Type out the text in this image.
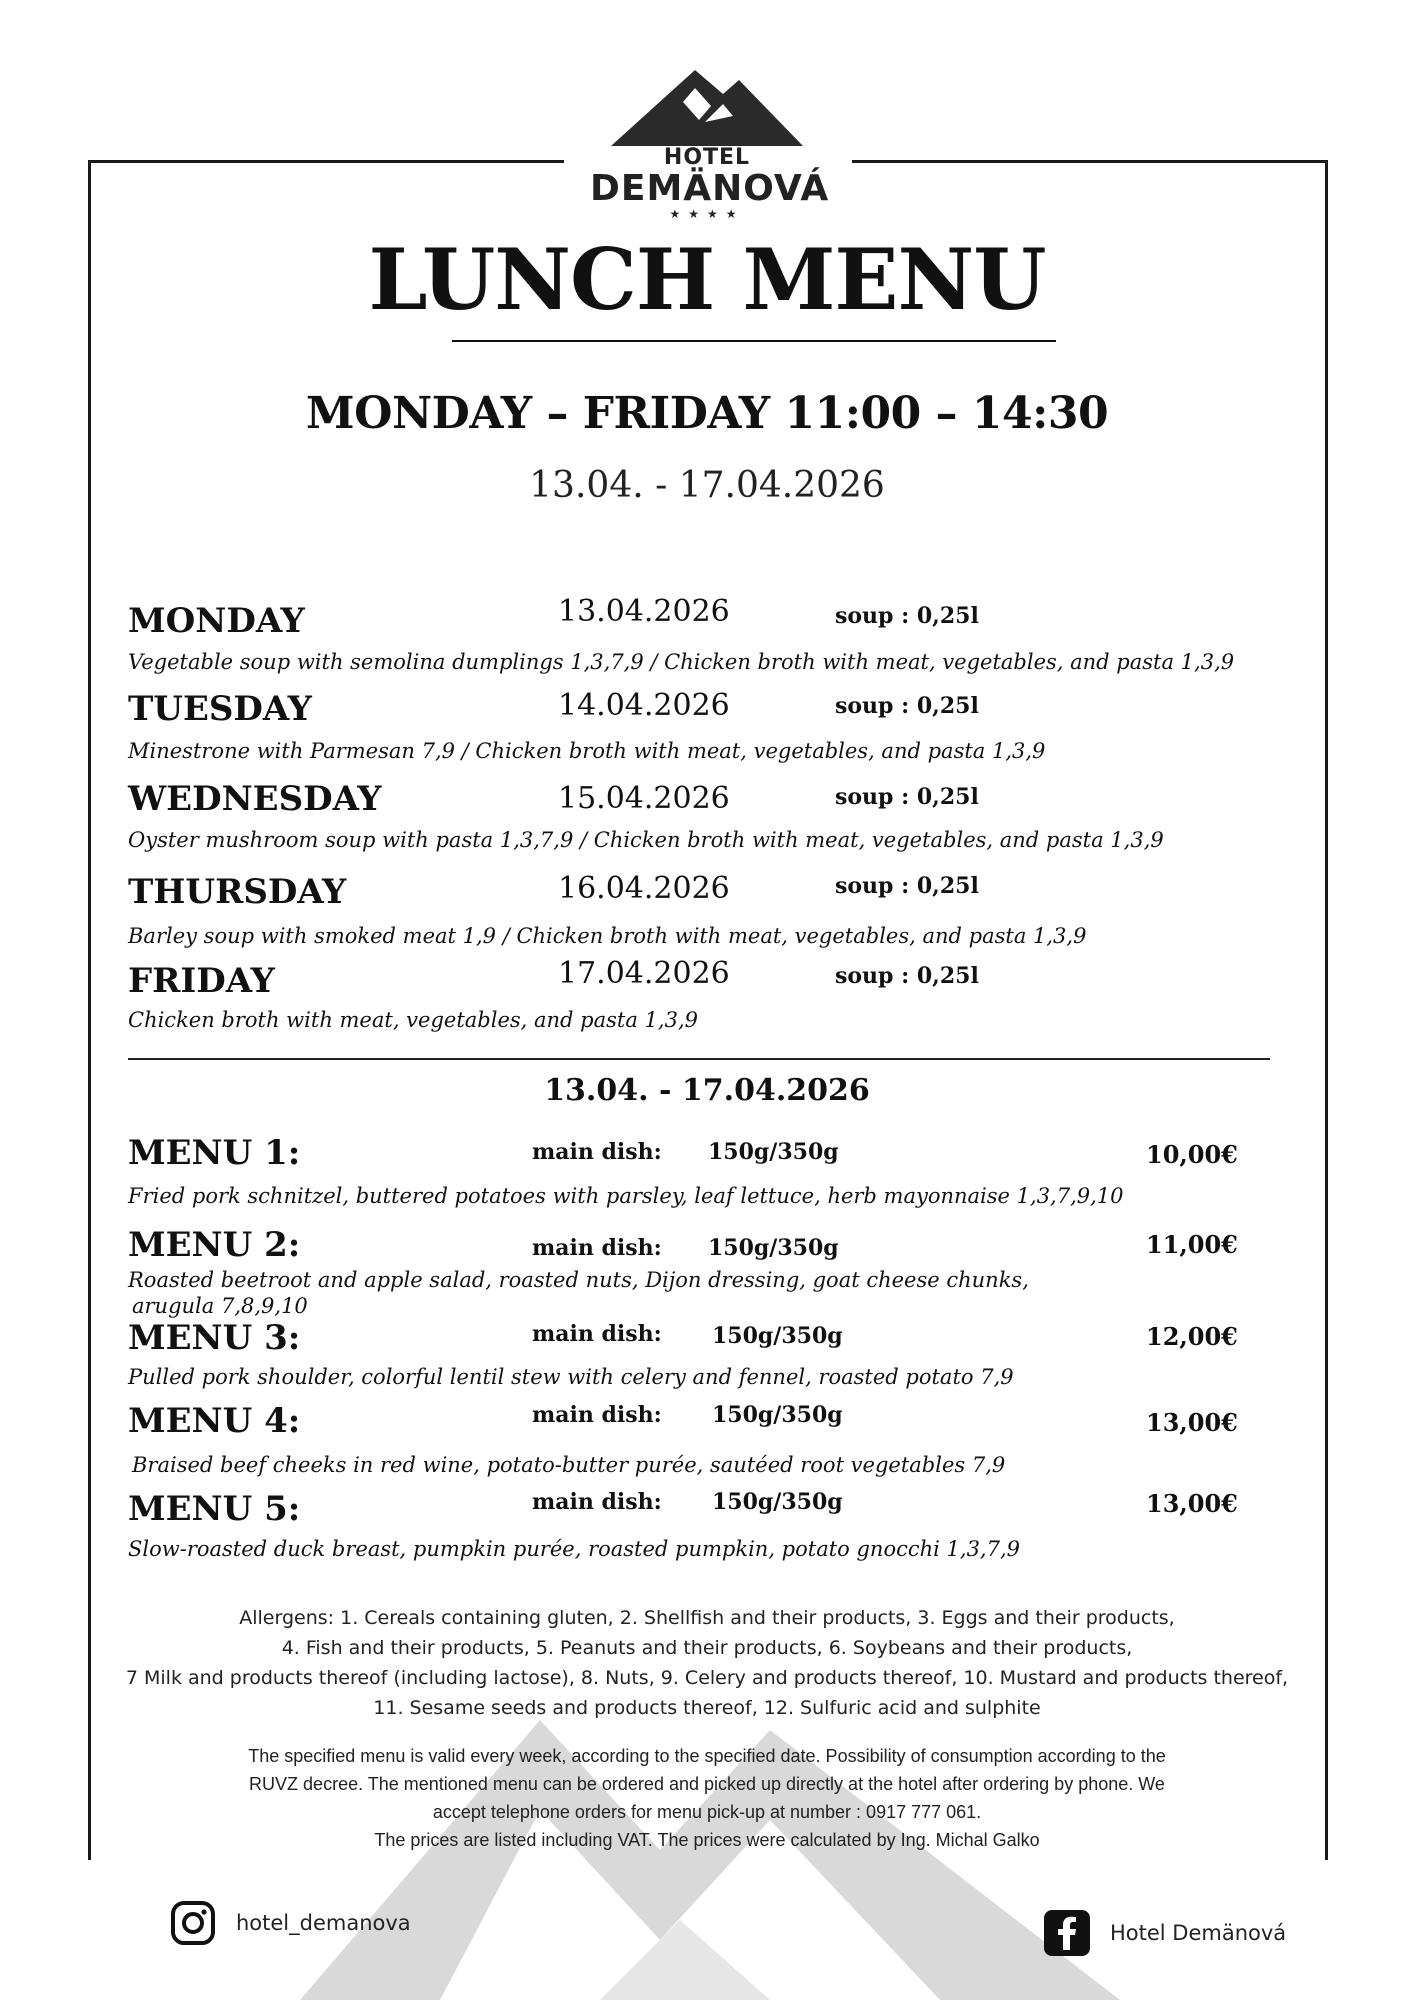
HOTEL
DEMÄNOVÁ
★★★★
LUNCH MENU
MONDAY – FRIDAY 11:00 – 14:30
13.04. - 17.04.2026
MONDAY	13.04.2026	soup : 0,25l
Vegetable soup with semolina dumplings 1,3,7,9 / Chicken broth with meat, vegetables, and pasta 1,3,9
TUESDAY	14.04.2026	soup : 0,25l
Minestrone with Parmesan 7,9 / Chicken broth with meat, vegetables, and pasta 1,3,9
WEDNESDAY	15.04.2026	soup : 0,25l
Oyster mushroom soup with pasta 1,3,7,9 / Chicken broth with meat, vegetables, and pasta 1,3,9
THURSDAY	16.04.2026	soup : 0,25l
Barley soup with smoked meat 1,9 / Chicken broth with meat, vegetables, and pasta 1,3,9
FRIDAY	17.04.2026	soup : 0,25l
Chicken broth with meat, vegetables, and pasta 1,3,9
13.04. - 17.04.2026
MENU 1:	main dish: 150g/350g	10,00€
Fried pork schnitzel, buttered potatoes with parsley, leaf lettuce, herb mayonnaise 1,3,7,9,10
MENU 2:	main dish: 150g/350g	11,00€
Roasted beetroot and apple salad, roasted nuts, Dijon dressing, goat cheese chunks,
arugula 7,8,9,10
MENU 3:	main dish: 150g/350g	12,00€
Pulled pork shoulder, colorful lentil stew with celery and fennel, roasted potato 7,9
MENU 4:	main dish: 150g/350g	13,00€
Braised beef cheeks in red wine, potato-butter purée, sautéed root vegetables 7,9
MENU 5:	main dish: 150g/350g	13,00€
Slow-roasted duck breast, pumpkin purée, roasted pumpkin, potato gnocchi 1,3,7,9
Allergens: 1. Cereals containing gluten, 2. Shellfish and their products, 3. Eggs and their products,
4. Fish and their products, 5. Peanuts and their products, 6. Soybeans and their products,
7 Milk and products thereof (including lactose), 8. Nuts, 9. Celery and products thereof, 10. Mustard and products thereof,
11. Sesame seeds and products thereof, 12. Sulfuric acid and sulphite
The specified menu is valid every week, according to the specified date. Possibility of consumption according to the
RUVZ decree. The mentioned menu can be ordered and picked up directly at the hotel after ordering by phone. We
accept telephone orders for menu pick-up at number : 0917 777 061.
The prices are listed including VAT. The prices were calculated by Ing. Michal Galko
hotel_demanova	Hotel Demänová
